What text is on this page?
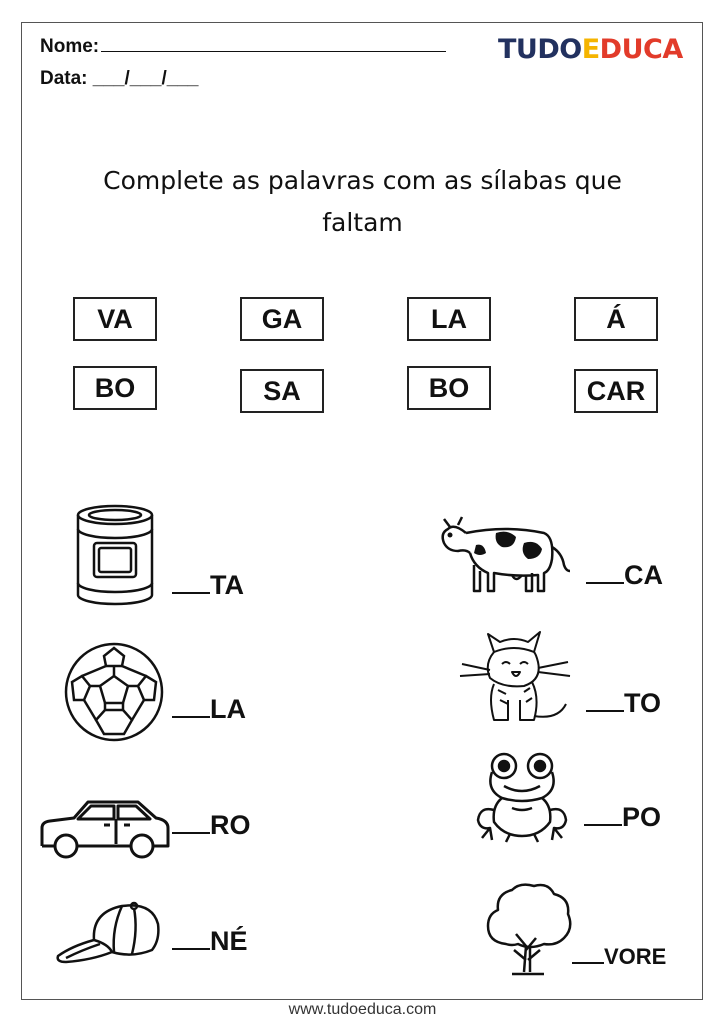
Nome:
Data: ___/___/___
TUDOEDUCA
Complete as palavras com as sílabas que
faltam
VA	GA	LA	Á
BO	SA	BO	CAR
TA
LA
RO
NÉ
CA
TO
PO
VORE
www.tudoeduca.com
